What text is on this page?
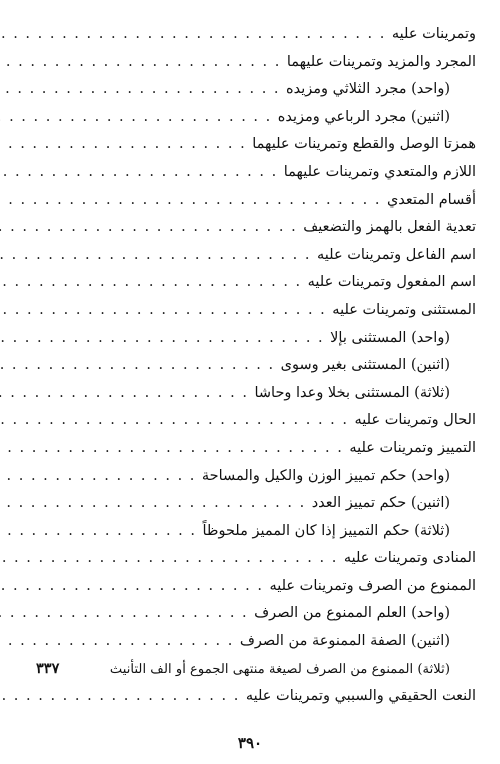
وتمرينات عليه
. . .
المجرد والمزيد وتمرينات عليهما
. . .
(واحد) مجرد الثلاثي ومزيده
. . .
(اثنين) مجرد الرباعي ومزيده
. . .
همزتا الوصل والقطع وتمرينات عليهما
. . .
اللازم والمتعدي وتمرينات عليهما
. . .
أقسام المتعدي
. . .
تعدية الفعل بالهمز والتضعيف
. . .
اسم الفاعل وتمرينات عليه
. . .
اسم المفعول وتمرينات عليه
. . .
المستثنى وتمرينات عليه
. . .
(واحد) المستثنى بإلا
. . .
(اثنين) المستثنى بغير وسوى
. . .
(ثلاثة) المستثنى بخلا وعدا وحاشا
. . .
الحال وتمرينات عليه
. . .
التمييز وتمرينات عليه
. . .
(واحد) حكم تمييز الوزن والكيل والمساحة
. . .
(اثنين) حكم تمييز العدد
. . .
(ثلاثة) حكم التمييز إذا كان المميز ملحوظاً
. . .
المنادى وتمرينات عليه
. . .
الممنوع من الصرف وتمرينات عليه
. . .
(واحد) العلم الممنوع من الصرف
. . .
(اثنين) الصفة الممنوعة من الصرف
. . .
(ثلاثة) الممنوع من الصرف لصيغة منتهى الجموع أو الف التأنيث
٣٣٧
النعت الحقيقي والسببي وتمرينات عليه
. . .
٣٩٠
